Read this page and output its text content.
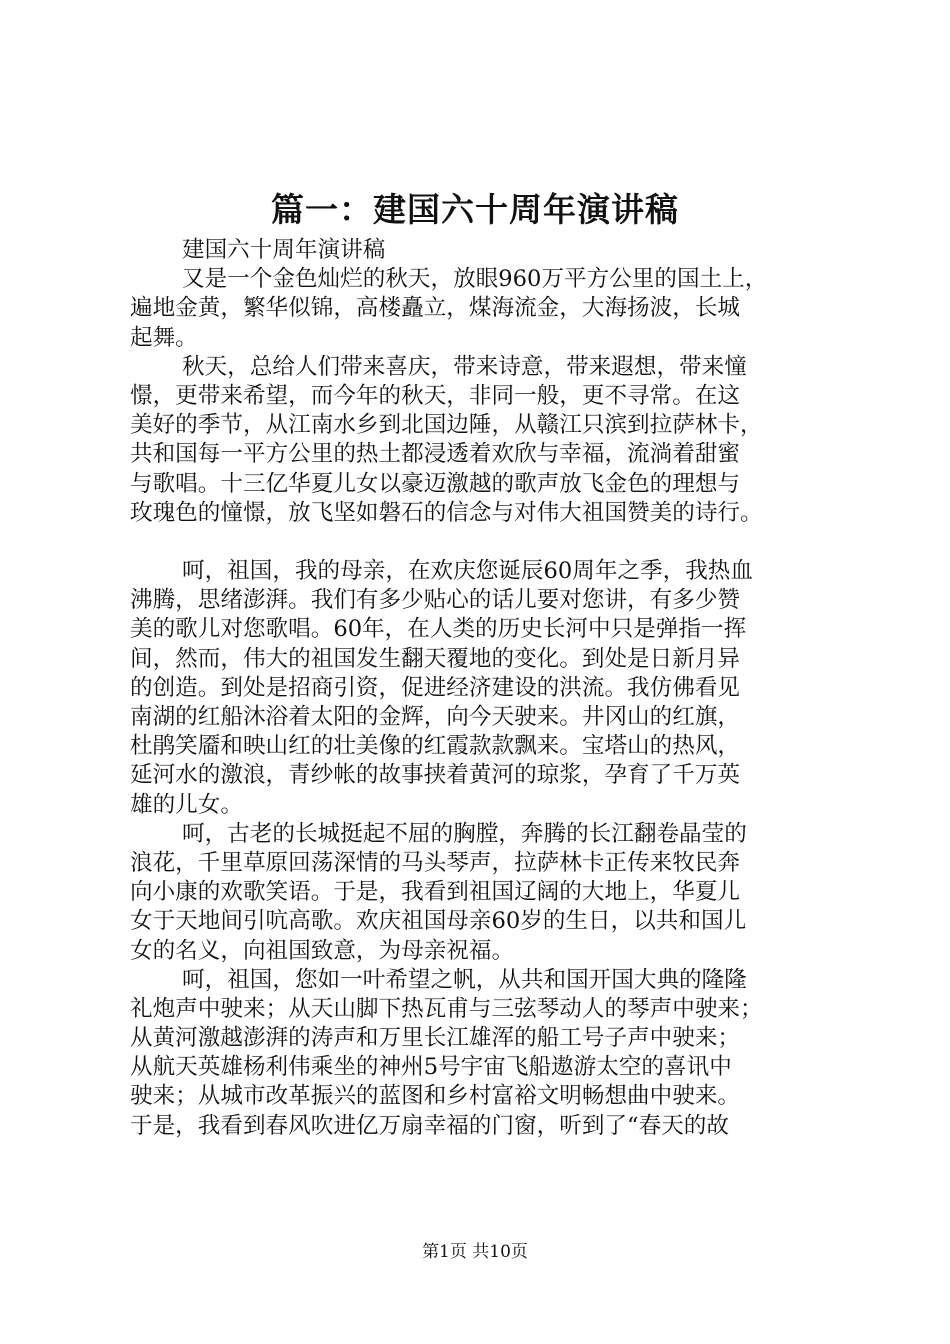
篇一：建国六十周年演讲稿
建国六十周年演讲稿
又是一个金色灿烂的秋天，放眼960万平方公里的国土上，
遍地金黄，繁华似锦，高楼矗立，煤海流金，大海扬波，长城
起舞。
秋天，总给人们带来喜庆，带来诗意，带来遐想，带来憧
憬，更带来希望，而今年的秋天，非同一般，更不寻常。在这
美好的季节，从江南水乡到北国边陲，从赣江只滨到拉萨林卡，
共和国每一平方公里的热土都浸透着欢欣与幸福，流淌着甜蜜
与歌唱。十三亿华夏儿女以豪迈激越的歌声放飞金色的理想与
玫瑰色的憧憬，放飞坚如磐石的信念与对伟大祖国赞美的诗行。
呵，祖国，我的母亲，在欢庆您诞辰60周年之季，我热血
沸腾，思绪澎湃。我们有多少贴心的话儿要对您讲，有多少赞
美的歌儿对您歌唱。60年，在人类的历史长河中只是弹指一挥
间，然而，伟大的祖国发生翻天覆地的变化。到处是日新月异
的创造。到处是招商引资，促进经济建设的洪流。我仿佛看见
南湖的红船沐浴着太阳的金辉，向今天驶来。井冈山的红旗，
杜鹃笑靥和映山红的壮美像的红霞款款飘来。宝塔山的热风，
延河水的激浪，青纱帐的故事挟着黄河的琼浆，孕育了千万英
雄的儿女。
呵，古老的长城挺起不屈的胸膛，奔腾的长江翻卷晶莹的
浪花，千里草原回荡深情的马头琴声，拉萨林卡正传来牧民奔
向小康的欢歌笑语。于是，我看到祖国辽阔的大地上，华夏儿
女于天地间引吭高歌。欢庆祖国母亲60岁的生日，以共和国儿
女的名义，向祖国致意，为母亲祝福。
呵，祖国，您如一叶希望之帆，从共和国开国大典的隆隆
礼炮声中驶来；从天山脚下热瓦甫与三弦琴动人的琴声中驶来；
从黄河激越澎湃的涛声和万里长江雄浑的船工号子声中驶来；
从航天英雄杨利伟乘坐的神州5号宇宙飞船遨游太空的喜讯中
驶来；从城市改革振兴的蓝图和乡村富裕文明畅想曲中驶来。
于是，我看到春风吹进亿万扇幸福的门窗，听到了“春天的故
第1页 共10页
